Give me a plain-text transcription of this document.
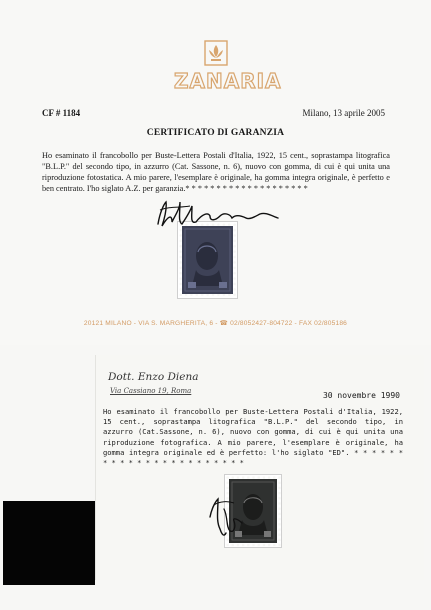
ZANARIA
CF # 1184	Milano, 13 aprile 2005
CERTIFICATO DI GARANZIA
Ho esaminato il francobollo per Buste-Lettera Postali d'Italia, 1922, 15 cent., soprastampa litografica "B.L.P." del secondo tipo, in azzurro (Cat. Sassone, n. 6), nuovo con gomma, di cui è qui unita una riproduzione fotostatica. A mio parere, l'esemplare è originale, ha gomma integra originale, è perfetto e ben centrato. I'ho siglato A.Z. per garanzia.* * * * * * * * * * * * * * * * * * * *
20121 MILANO - VIA S. MARGHERITA, 6 - ☎ 02/8052427-804722 - FAX 02/805186
Dott. Enzo Diena
Via Cassiano 19, Roma	30 novembre 1990
Ho esaminato il francobollo per Buste-Lettera Postali d'Italia, 1922, 15 cent., soprastampa litografica "B.L.P." del secondo tipo, in azzurro (Cat.Sassone, n. 6), nuovo con gomma, di cui è qui unita una riproduzione fotografica. A mio parere, l'esemplare è originale, ha gomma integra originale ed è perfetto: l'ho siglato "ED". * * * * * * * * * * * * * * * * * * * * * * *
